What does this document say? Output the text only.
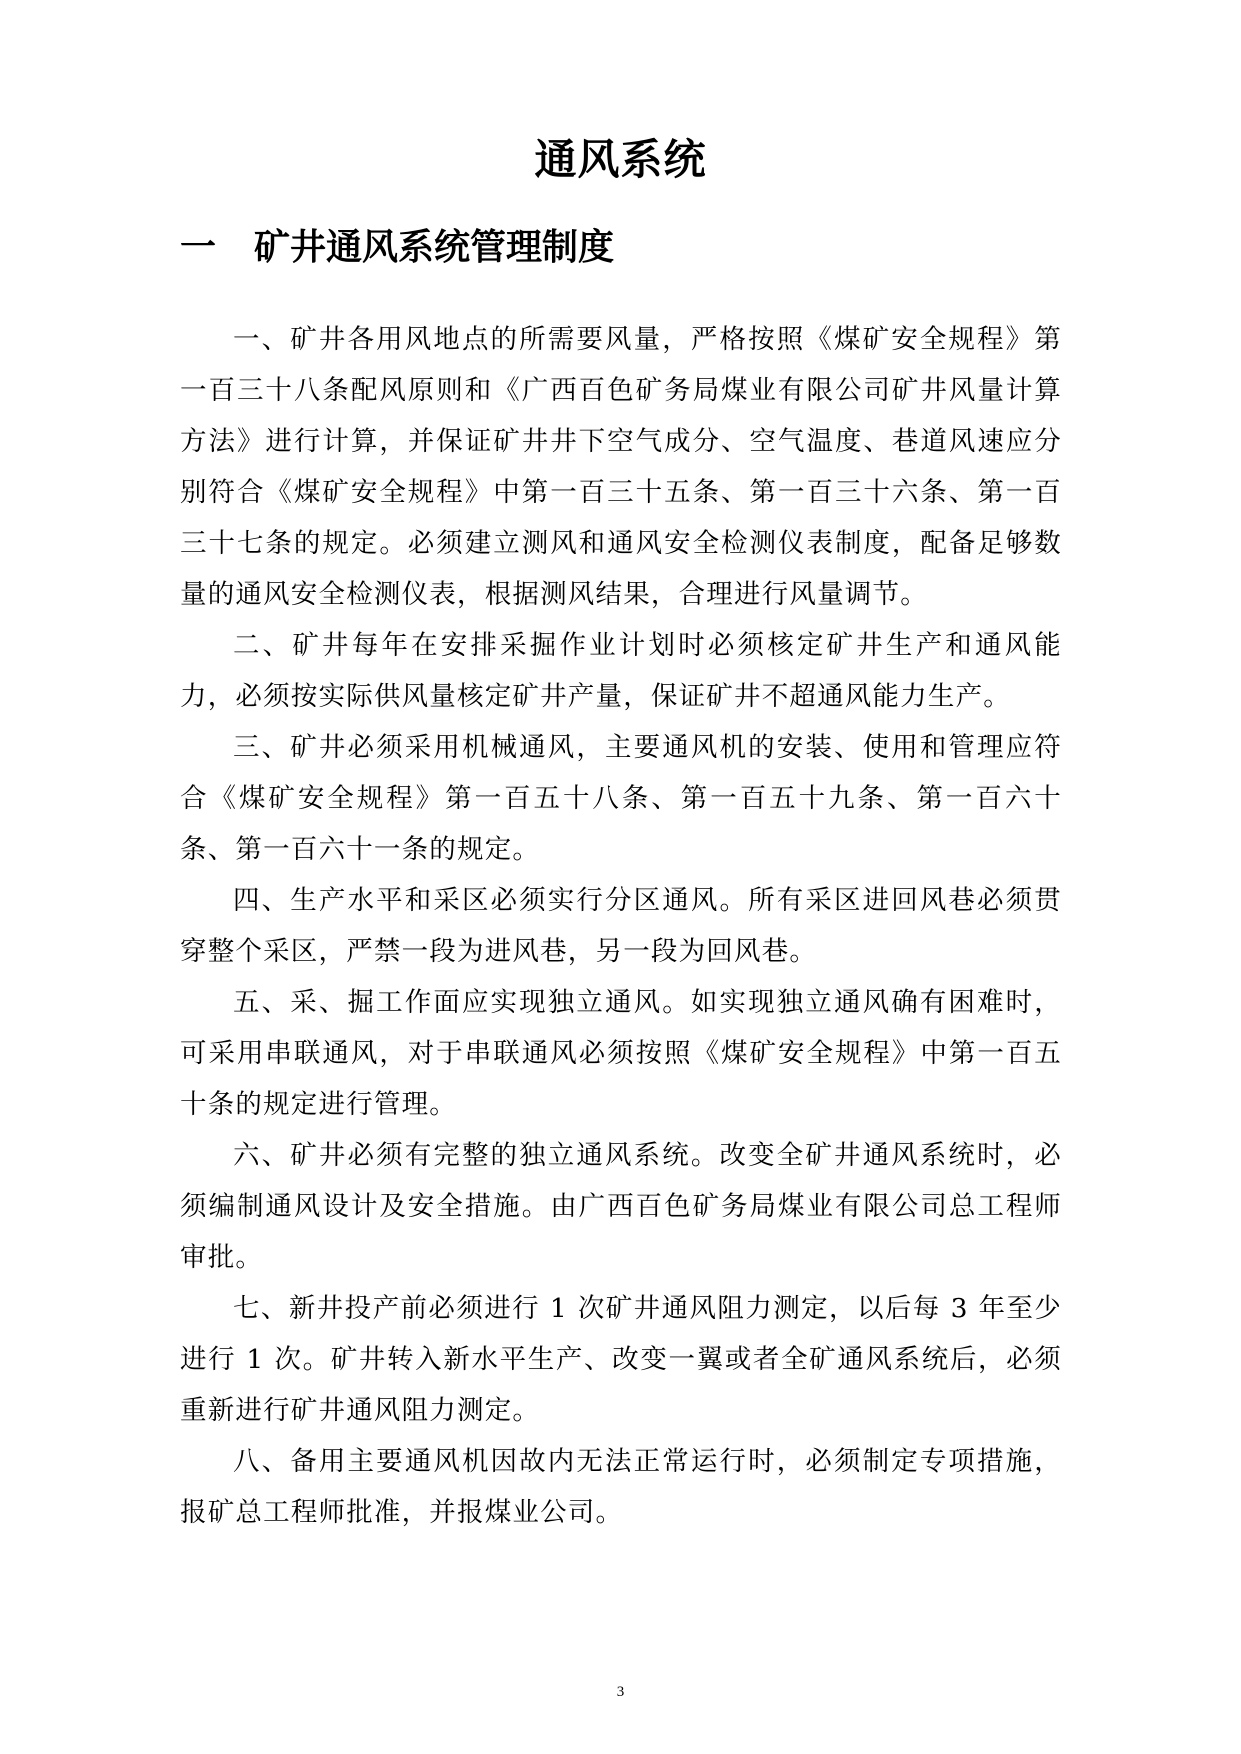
通风系统
一 矿井通风系统管理制度

一、矿井各用风地点的所需要风量，严格按照《煤矿安全规程》第一百三十八条配风原则和《广西百色矿务局煤业有限公司矿井风量计算方法》进行计算，并保证矿井井下空气成分、空气温度、巷道风速应分别符合《煤矿安全规程》中第一百三十五条、第一百三十六条、第一百三十七条的规定。必须建立测风和通风安全检测仪表制度，配备足够数量的通风安全检测仪表，根据测风结果，合理进行风量调节。

二、矿井每年在安排采掘作业计划时必须核定矿井生产和通风能力，必须按实际供风量核定矿井产量，保证矿井不超通风能力生产。

三、矿井必须采用机械通风，主要通风机的安装、使用和管理应符合《煤矿安全规程》第一百五十八条、第一百五十九条、第一百六十条、第一百六十一条的规定。

四、生产水平和采区必须实行分区通风。所有采区进回风巷必须贯穿整个采区，严禁一段为进风巷，另一段为回风巷。

五、采、掘工作面应实现独立通风。如实现独立通风确有困难时，可采用串联通风，对于串联通风必须按照《煤矿安全规程》中第一百五十条的规定进行管理。

六、矿井必须有完整的独立通风系统。改变全矿井通风系统时，必须编制通风设计及安全措施。由广西百色矿务局煤业有限公司总工程师审批。

七、新井投产前必须进行 1 次矿井通风阻力测定，以后每 3 年至少进行 1 次。矿井转入新水平生产、改变一翼或者全矿通风系统后，必须重新进行矿井通风阻力测定。

八、备用主要通风机因故内无法正常运行时，必须制定专项措施，报矿总工程师批准，并报煤业公司。

3
